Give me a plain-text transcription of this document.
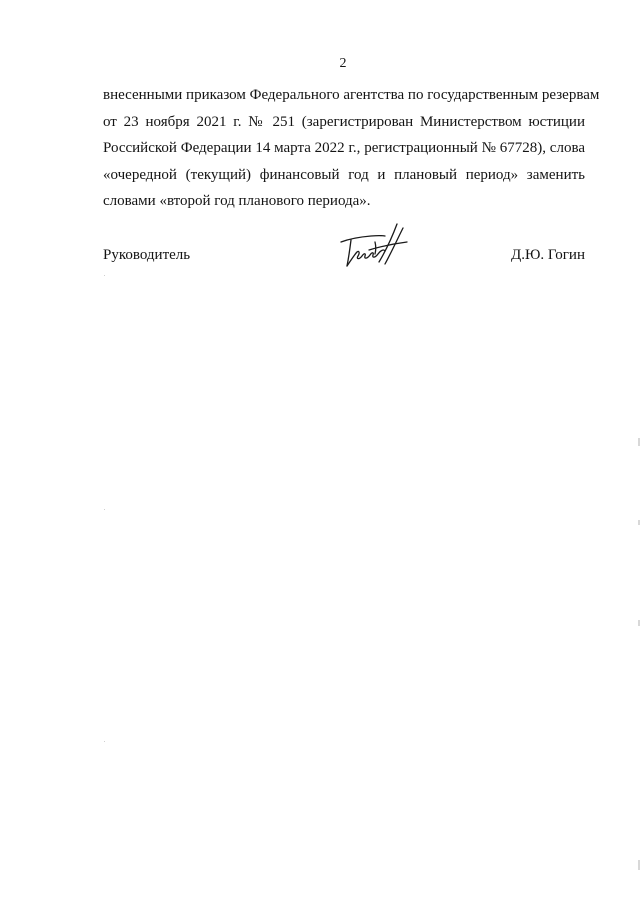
2
внесенными приказом Федерального агентства по государственным резервам
от 23 ноября 2021 г. № 251 (зарегистрирован Министерством юстиции
Российской Федерации 14 марта 2022 г., регистрационный № 67728), слова
«очередной (текущий) финансовый год и плановый период» заменить
словами «второй год планового периода».
Руководитель	Д.Ю. Гогин
